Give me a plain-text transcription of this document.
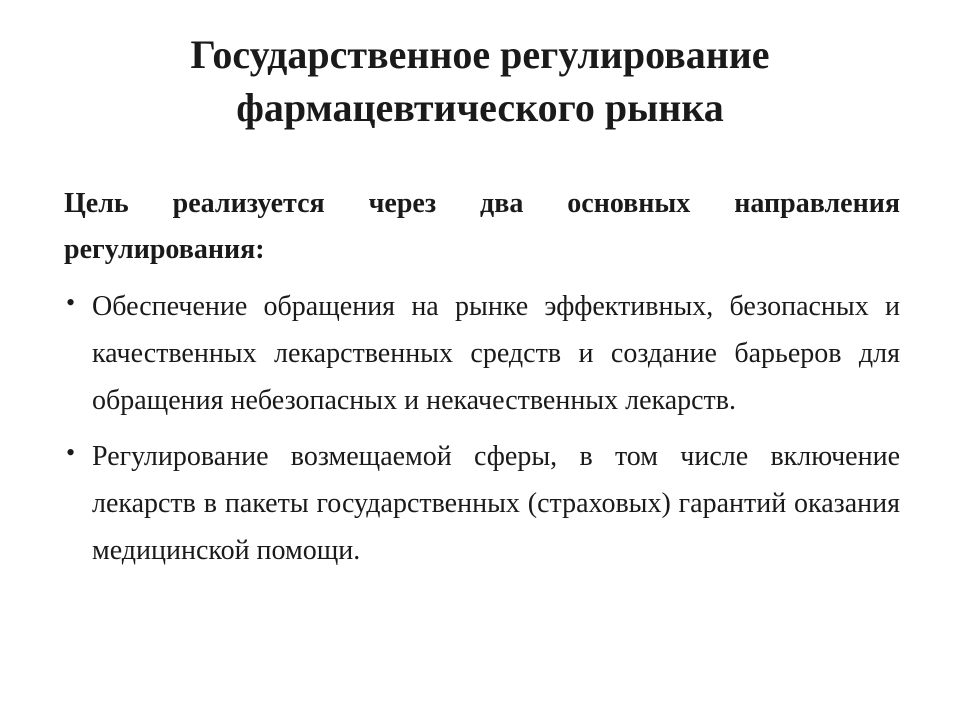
Государственное регулирование
фармацевтического рынка

Цель реализуется через два основных направления регулирования:

• Обеспечение обращения на рынке эффективных, безопасных и качественных лекарственных средств и создание барьеров для обращения небезопасных и некачественных лекарств.
• Регулирование возмещаемой сферы, в том числе включение лекарств в пакеты государственных (страховых) гарантий оказания медицинской помощи.
